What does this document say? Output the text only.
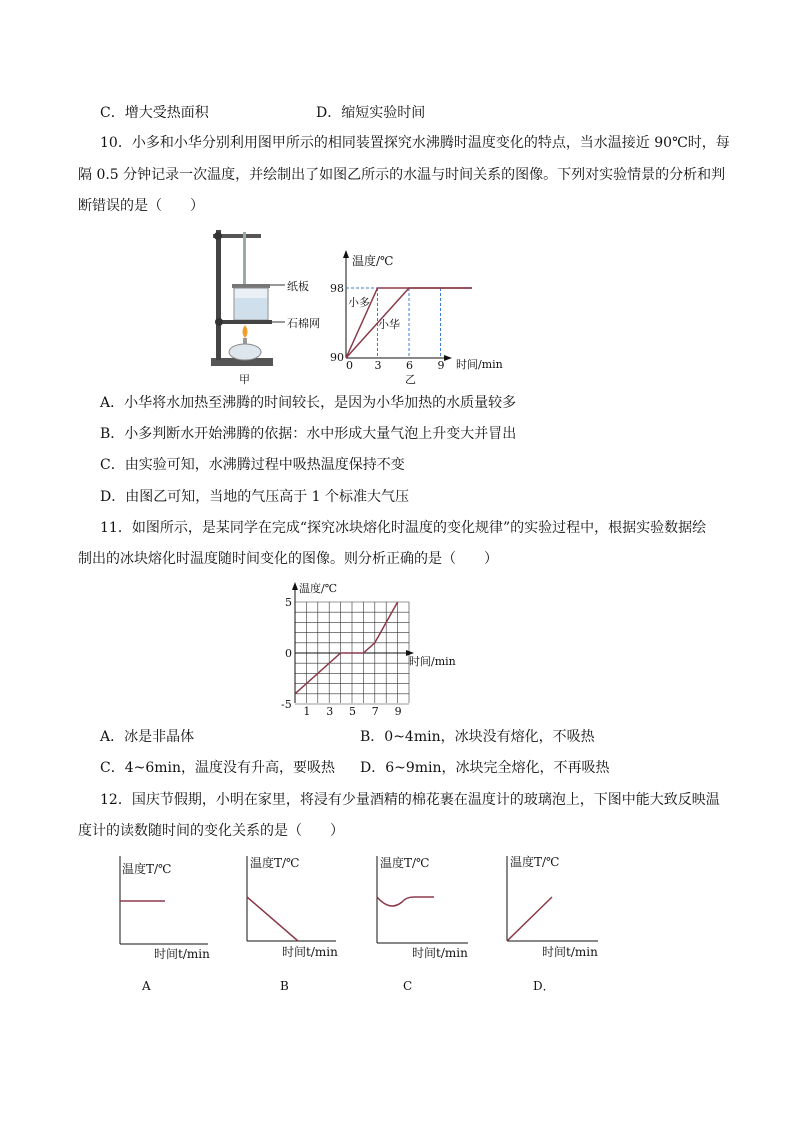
C．增大受热面积	D．缩短实验时间
10．小多和小华分别利用图甲所示的相同装置探究水沸腾时温度变化的特点，当水温接近 90℃时，每
隔 0.5 分钟记录一次温度，并绘制出了如图乙所示的水温与时间关系的图像。下列对实验情景的分析和判
断错误的是（　　）
纸板
石棉网
甲
温度/℃
时间/min
98
90
0 3 6 9
小多
小华
乙
A．小华将水加热至沸腾的时间较长，是因为小华加热的水质量较多
B．小多判断水开始沸腾的依据：水中形成大量气泡上升变大并冒出
C．由实验可知，水沸腾过程中吸热温度保持不变
D．由图乙可知，当地的气压高于 1 个标准大气压
11．如图所示，是某同学在完成“探究冰块熔化时温度的变化规律”的实验过程中，根据实验数据绘
制出的冰块熔化时温度随时间变化的图像。则分析正确的是（　　）
温度/℃
时间/min
5
0
-5
1 3 5 7 9
A．冰是非晶体	B．0~4min，冰块没有熔化，不吸热
C．4~6min，温度没有升高，要吸热 D．6~9min，冰块完全熔化，不再吸热
12．国庆节假期，小明在家里，将浸有少量酒精的棉花裹在温度计的玻璃泡上，下图中能大致反映温
度计的读数随时间的变化关系的是（　　）
温度T/℃
时间t/min
A
温度T/℃
时间t/min
B
温度T/℃
时间t/min
C
温度T/℃
时间t/min
D．
